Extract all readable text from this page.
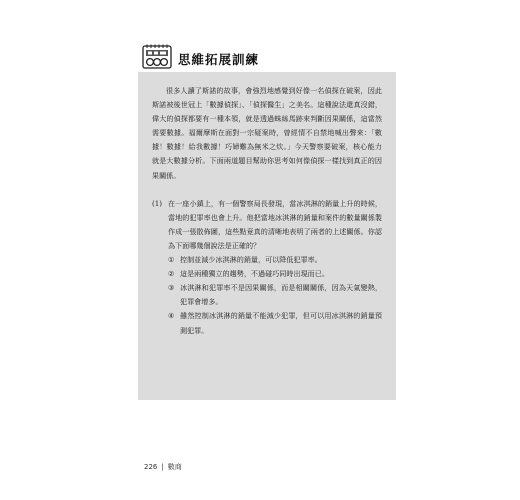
思維拓展訓練

很多人讀了斯諾的故事，會強烈地感覺到好像一名偵探在破案，因此斯諾被後世冠上「數據偵探」、「偵探醫生」之美名。這種說法還真沒錯，偉大的偵探都要有一種本領，就是透過蛛絲馬跡來判斷因果關係，這當然需要數據。福爾摩斯在面對一宗疑案時，曾經情不自禁地喊出聲來：「數據！數據！給我數據！巧婦難為無米之炊。」今天警察要破案，核心能力就是大數據分析。下面兩道題目幫助你思考如何像偵探一樣找到真正的因果關係。

(1) 在一座小鎮上，有一個警察局長發現，當冰淇淋的銷量上升的時候，當地的犯罪率也會上升。他把當地冰淇淋的銷量和案件的數量關係製作成一張散佈圖，這些點竟真的清晰地表明了兩者的上述關係。你認為下面哪幾個說法是正確的？

① 控制並減少冰淇淋的銷量，可以降低犯罪率。
② 這是兩種獨立的趨勢，不過碰巧同時出現而已。
③ 冰淇淋和犯罪率不是因果關係，而是相關關係，因為天氣變熱，犯罪會增多。
④ 雖然控制冰淇淋的銷量不能減少犯罪，但可以用冰淇淋的銷量預測犯罪。
226 | 數商
